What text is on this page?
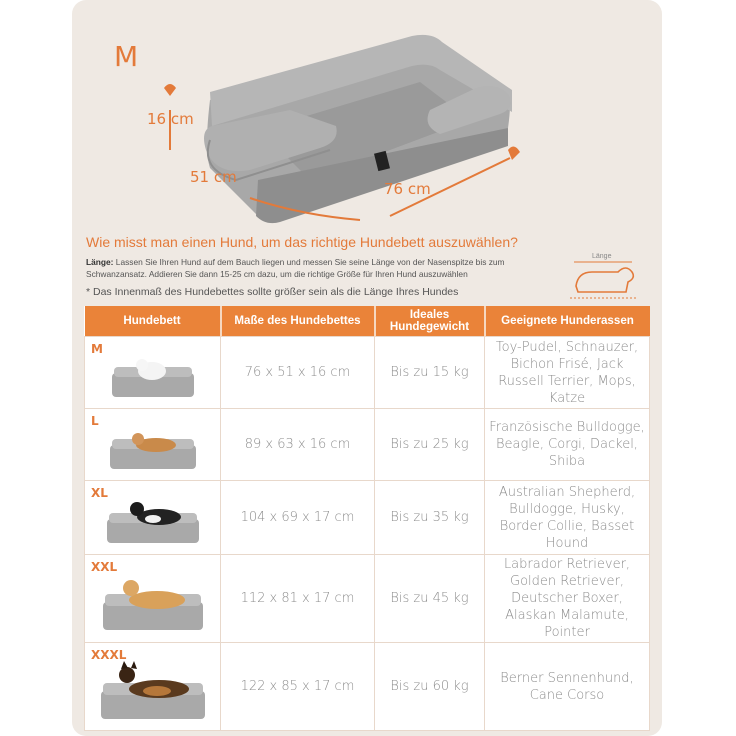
M
16 cm
51 cm
76 cm
Wie misst man einen Hund, um das richtige Hundebett auszuwählen?
Länge: Lassen Sie Ihren Hund auf dem Bauch liegen und messen Sie seine Länge von der Nasenspitze bis zum Schwanzansatz. Addieren Sie dann 15-25 cm dazu, um die richtige Größe für Ihren Hund auszuwählen
* Das Innenmaß des Hundebettes sollte größer sein als die Länge Ihres Hundes
Länge
Hundebett	Maße des Hundebettes	Ideales Hundegewicht	Geeignete Hunderassen

M	76 x 51 x 16 cm	Bis zu 15 kg	Toy-Pudel, Schnauzer, Bichon Frisé, Jack Russell Terrier, Mops, Katze

L	89 x 63 x 16 cm	Bis zu 25 kg	Französische Bulldogge, Beagle, Corgi, Dackel, Shiba

XL	104 x 69 x 17 cm	Bis zu 35 kg	Australian Shepherd, Bulldogge, Husky, Border Collie, Basset Hound

XXL	112 x 81 x 17 cm	Bis zu 45 kg	Labrador Retriever, Golden Retriever, Deutscher Boxer, Alaskan Malamute, Pointer

XXXL	122 x 85 x 17 cm	Bis zu 60 kg	Berner Sennenhund, Cane Corso
